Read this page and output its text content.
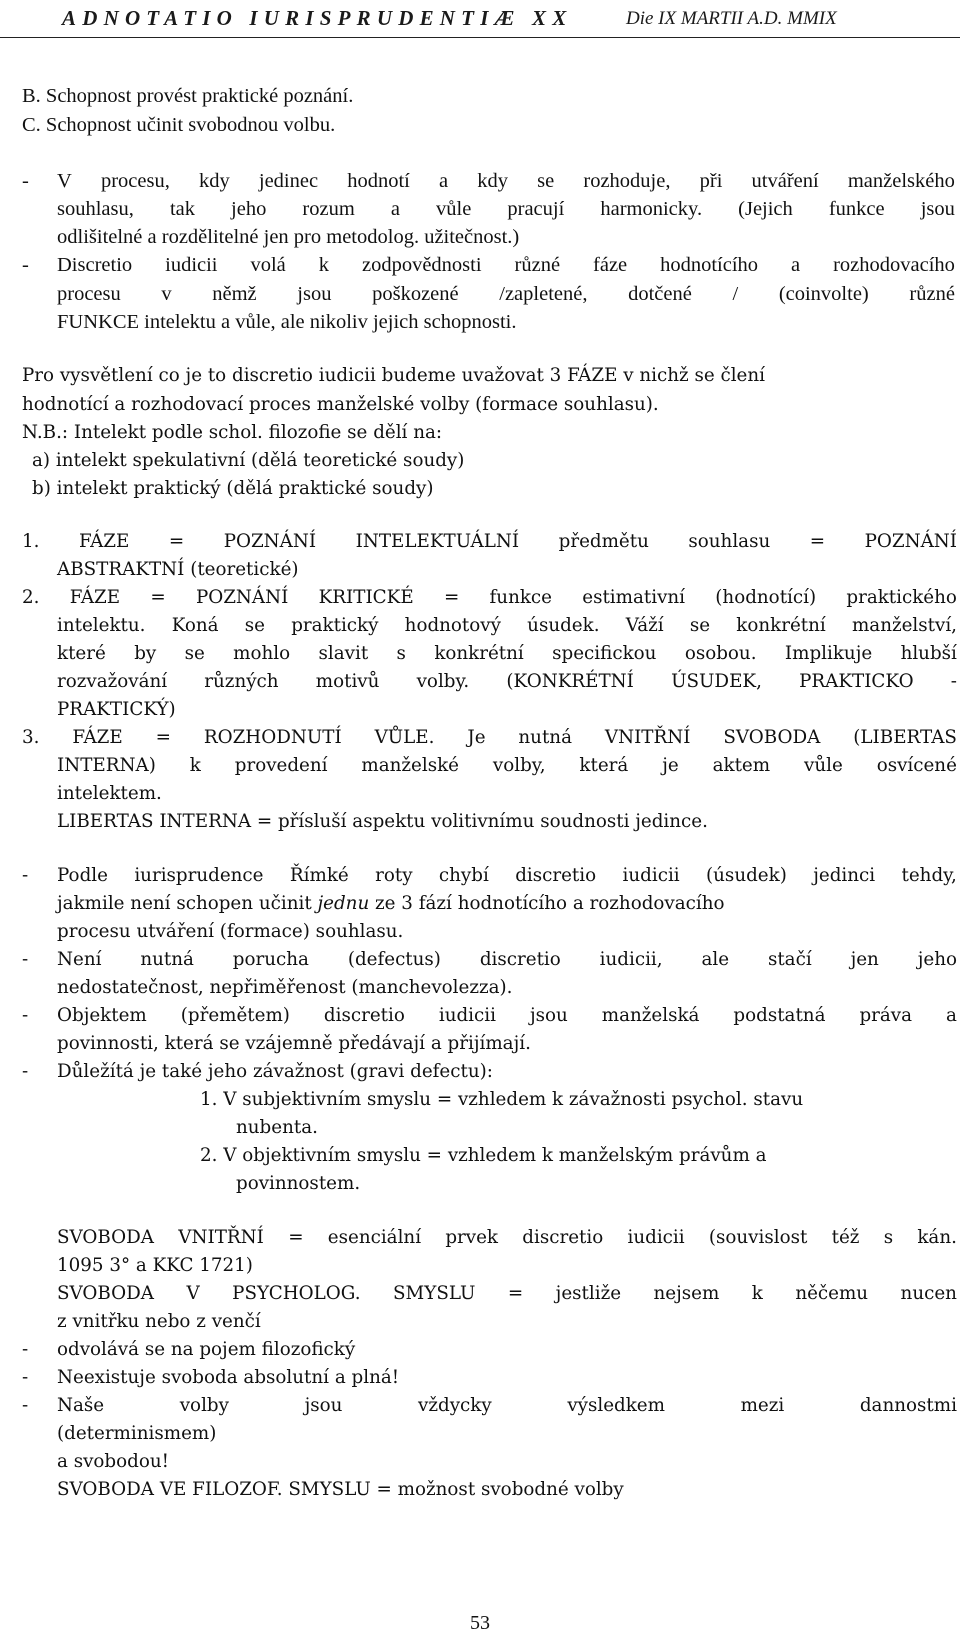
ADNOTATIO IURISPRUDENTIÆ XX	Die IX MARTII A.D. MMIX
B. Schopnost provést praktické poznání.
C. Schopnost učinit svobodnou volbu.
- V procesu, kdy jedinec hodnotí a kdy se rozhoduje, při utváření manželského
souhlasu, tak jeho rozum a vůle pracují harmonicky. (Jejich funkce jsou
odlišitelné a rozdělitelné jen pro metodolog. užitečnost.)
- Discretio iudicii volá k zodpovědnosti různé fáze hodnotícího a rozhodovacího
procesu v němž jsou poškozené /zapletené, dotčené / (coinvolte) různé
FUNKCE intelektu a vůle, ale nikoliv jejich schopnosti.
Pro vysvětlení co je to discretio iudicii budeme uvažovat 3 FÁZE v nichž se člení
hodnotící a rozhodovací proces manželské volby (formace souhlasu).
N.B.: Intelekt podle schol. filozofie se dělí na:
a) intelekt spekulativní (dělá teoretické soudy)
b) intelekt praktický (dělá praktické soudy)
1. FÁZE = POZNÁNÍ INTELEKTUÁLNÍ předmětu souhlasu = POZNÁNÍ
ABSTRAKTNÍ (teoretické)
2. FÁZE = POZNÁNÍ KRITICKÉ = funkce estimativní (hodnotící) praktického
intelektu. Koná se praktický hodnotový úsudek. Váží se konkrétní manželství,
které by se mohlo slavit s konkrétní specifickou osobou. Implikuje hlubší
rozvažování různých motivů volby. (KONKRÉTNÍ ÚSUDEK, PRAKTICKO -
PRAKTICKÝ)
3. FÁZE = ROZHODNUTÍ VŮLE. Je nutná VNITŘNÍ SVOBODA (LIBERTAS
INTERNA) k provedení manželské volby, která je aktem vůle osvícené
intelektem.
LIBERTAS INTERNA = přísluší aspektu volitivnímu soudnosti jedince.
- Podle iurisprudence Římké roty chybí discretio iudicii (úsudek) jedinci tehdy,
jakmile není schopen učinit jednu ze 3 fází hodnotícího a rozhodovacího
procesu utváření (formace) souhlasu.
- Není nutná porucha (defectus) discretio iudicii, ale stačí jen jeho
nedostatečnost, nepřiměřenost (manchevolezza).
- Objektem (přemětem) discretio iudicii jsou manželská podstatná práva a
povinnosti, která se vzájemně předávají a přijímají.
- Důležítá je také jeho závažnost (gravi defectu):
1. V subjektivním smyslu = vzhledem k závažnosti psychol. stavu
nubenta.
2. V objektivním smyslu = vzhledem k manželským právům a
povinnostem.
SVOBODA VNITŘNÍ = esenciální prvek discretio iudicii (souvislost též s kán.
1095 3° a KKC 1721)
SVOBODA V PSYCHOLOG. SMYSLU = jestliže nejsem k něčemu nucen
z vnitřku nebo z venčí
- odvolává se na pojem filozofický
- Neexistuje svoboda absolutní a plná!
- Naše	volby	jsou	vždycky	výsledkem	mezi	dannostmi
(determinismem)
a svobodou!
SVOBODA VE FILOZOF. SMYSLU = možnost svobodné volby
53
